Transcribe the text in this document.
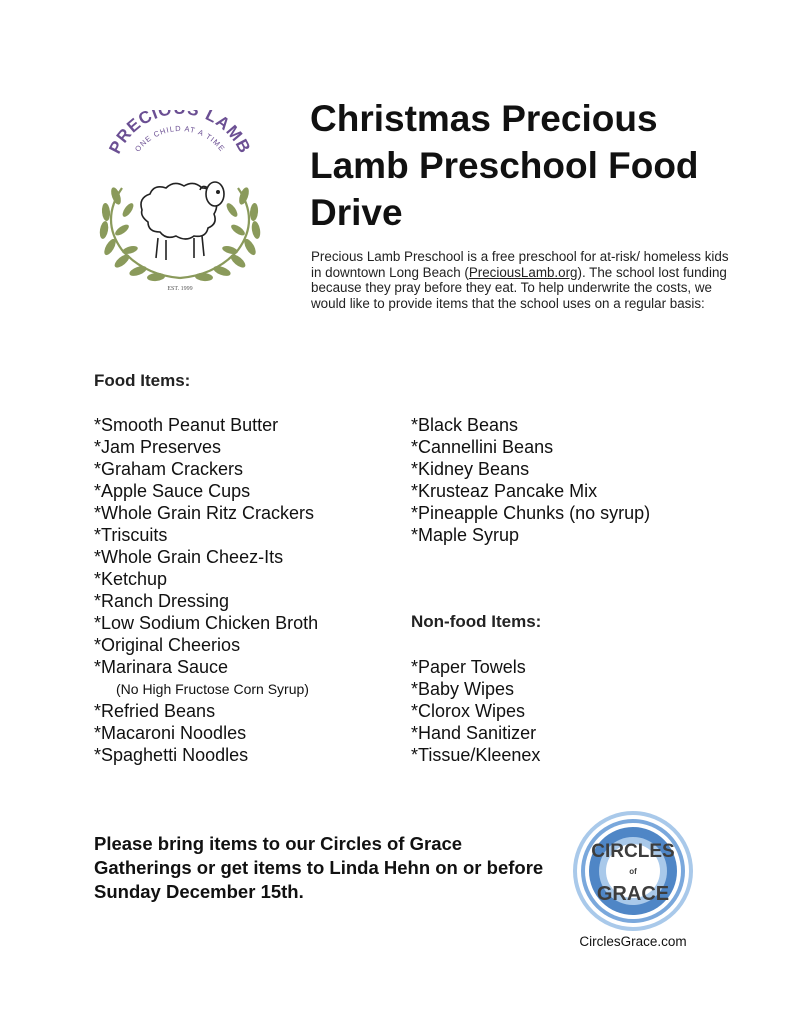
PRECIO LAMB
ONE CHILD AT A TIME
EST. 1999
Christmas Precious Lamb Preschool Food Drive

Precious Lamb Preschool is a free preschool for at-risk/ homeless kids in downtown Long Beach (PreciousLamb.org). The school lost funding because they pray before they eat. To help underwrite the costs, we would like to provide items that the school uses on a regular basis:

Food Items:
*Smooth Peanut Butter
*Jam Preserves
*Graham Crackers
*Apple Sauce Cups
*Whole Grain Ritz Crackers
*Triscuits
*Whole Grain Cheez-Its
*Ketchup
*Ranch Dressing
*Low Sodium Chicken Broth
*Original Cheerios
*Marinara Sauce
(No High Fructose Corn Syrup)
*Refried Beans
*Macaroni Noodles
*Spaghetti Noodles
*Black Beans
*Cannellini Beans
*Kidney Beans
*Krusteaz Pancake Mix
*Pineapple Chunks (no syrup)
*Maple Syrup
Non-food Items:
*Paper Towels
*Baby Wipes
*Clorox Wipes
*Hand Sanitizer
*Tissue/Kleenex

Please bring items to our Circles of Grace Gatherings or get items to Linda Hehn on or before Sunday December 15th.

CIRCLES
of
GRACE
CirclesGrace.com
